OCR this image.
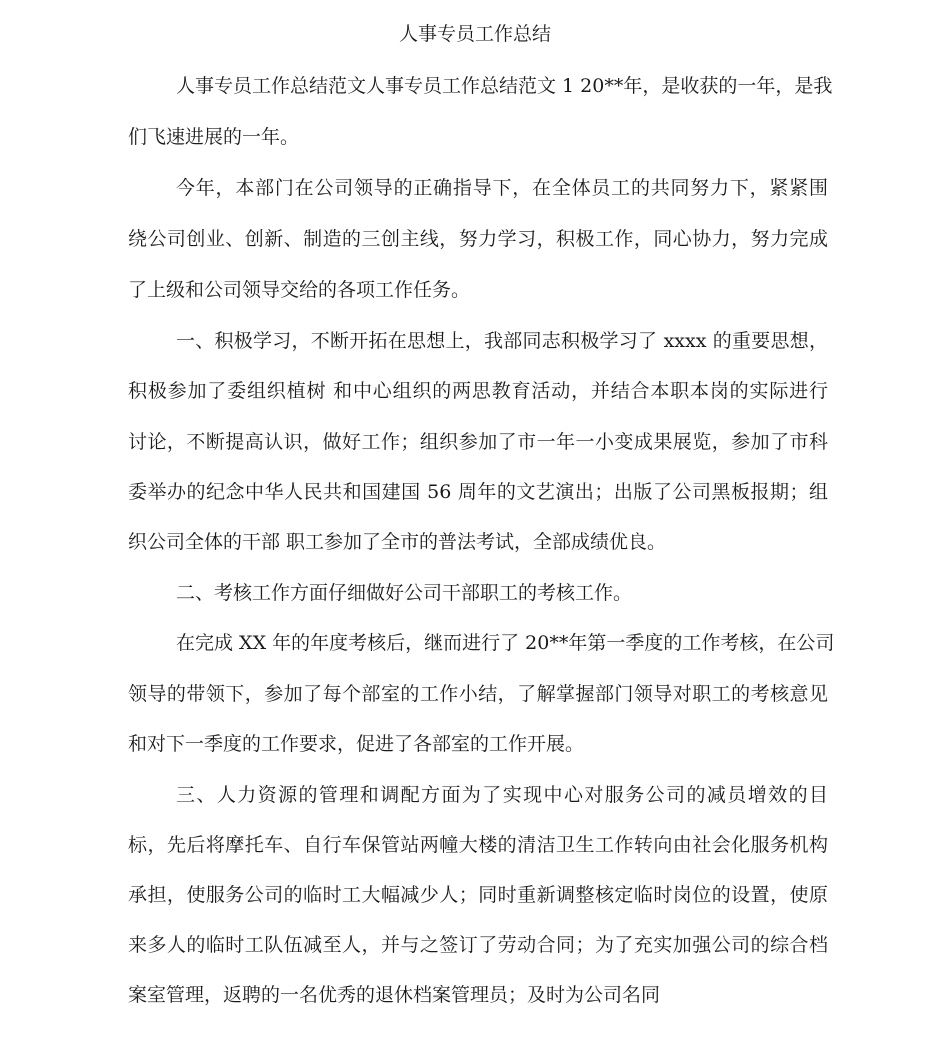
人事专员工作总结
人事专员工作总结范文人事专员工作总结范文 1 20**年，是收获的一年，是我
们飞速进展的一年。
今年，本部门在公司领导的正确指导下，在全体员工的共同努力下，紧紧围
绕公司创业、创新、制造的三创主线，努力学习，积极工作，同心协力，努力完成
了上级和公司领导交给的各项工作任务。
一、积极学习，不断开拓在思想上，我部同志积极学习了 xxxx 的重要思想，
积极参加了委组织植树 和中心组织的两思教育活动，并结合本职本岗的实际进行
讨论，不断提高认识，做好工作；组织参加了市一年一小变成果展览，参加了市科
委举办的纪念中华人民共和国建国 56 周年的文艺演出；出版了公司黑板报期；组
织公司全体的干部 职工参加了全市的普法考试，全部成绩优良。
二、考核工作方面仔细做好公司干部职工的考核工作。
在完成 XX 年的年度考核后，继而进行了 20**年第一季度的工作考核，在公司
领导的带领下，参加了每个部室的工作小结，了解掌握部门领导对职工的考核意见
和对下一季度的工作要求，促进了各部室的工作开展。
三、人力资源的管理和调配方面为了实现中心对服务公司的减员增效的目
标，先后将摩托车、自行车保管站两幢大楼的清洁卫生工作转向由社会化服务机构
承担，使服务公司的临时工大幅减少人；同时重新调整核定临时岗位的设置，使原
来多人的临时工队伍减至人，并与之签订了劳动合同；为了充实加强公司的综合档
案室管理，返聘的一名优秀的退休档案管理员；及时为公司名同
